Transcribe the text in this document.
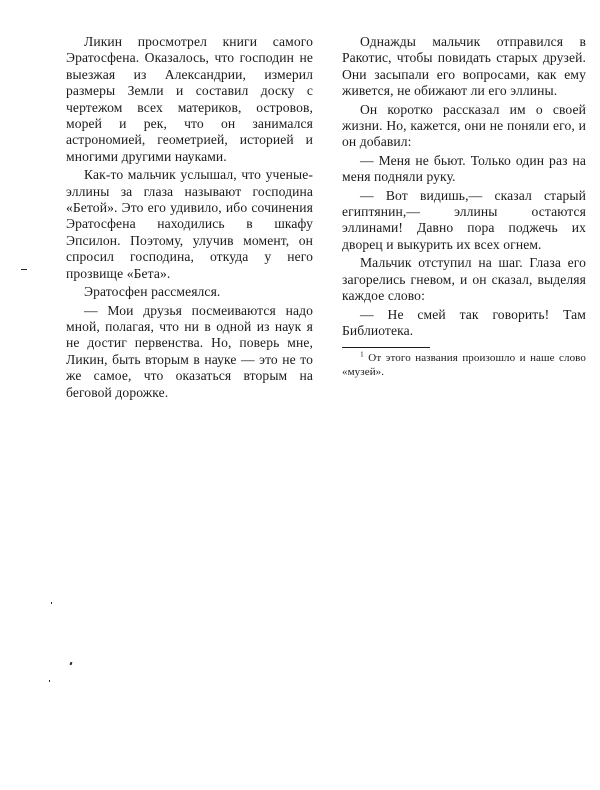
Ликин просмотрел книги самого Эратосфена. Оказалось, что господин не выезжая из Александрии, измерил размеры Земли и составил доску с чертежом всех материков, островов, морей и рек, что он занимался астрономией, геометрией, историей и многими другими науками.

Как-то мальчик услышал, что ученые-эллины за глаза называют господина «Бетой». Это его удивило, ибо сочинения Эратосфена находились в шкафу Эпсилон. Поэтому, улучив момент, он спросил господина, откуда у него прозвище «Бета».

Эратосфен рассмеялся.

— Мои друзья посмеиваются надо мной, полагая, что ни в одной из наук я не достиг первенства. Но, поверь мне, Ликин, быть вторым в науке — это не то же самое, что оказаться вторым на беговой дорожке.

Однажды мальчик отправился в Ракотис, чтобы повидать старых друзей. Они засыпали его вопросами, как ему живется, не обижают ли его эллины.

Он коротко рассказал им о своей жизни. Но, кажется, они не поняли его, и он добавил:

— Меня не бьют. Только один раз на меня подняли руку.

— Вот видишь,— сказал старый египтянин,— эллины остаются эллинами! Давно пора поджечь их дворец и выкурить их всех огнем.

Мальчик отступил на шаг. Глаза его загорелись гневом, и он сказал, выделяя каждое слово:

— Не смей так говорить! Там Библиотека.

$^1$ От этого названия произошло и наше слово «музей».
